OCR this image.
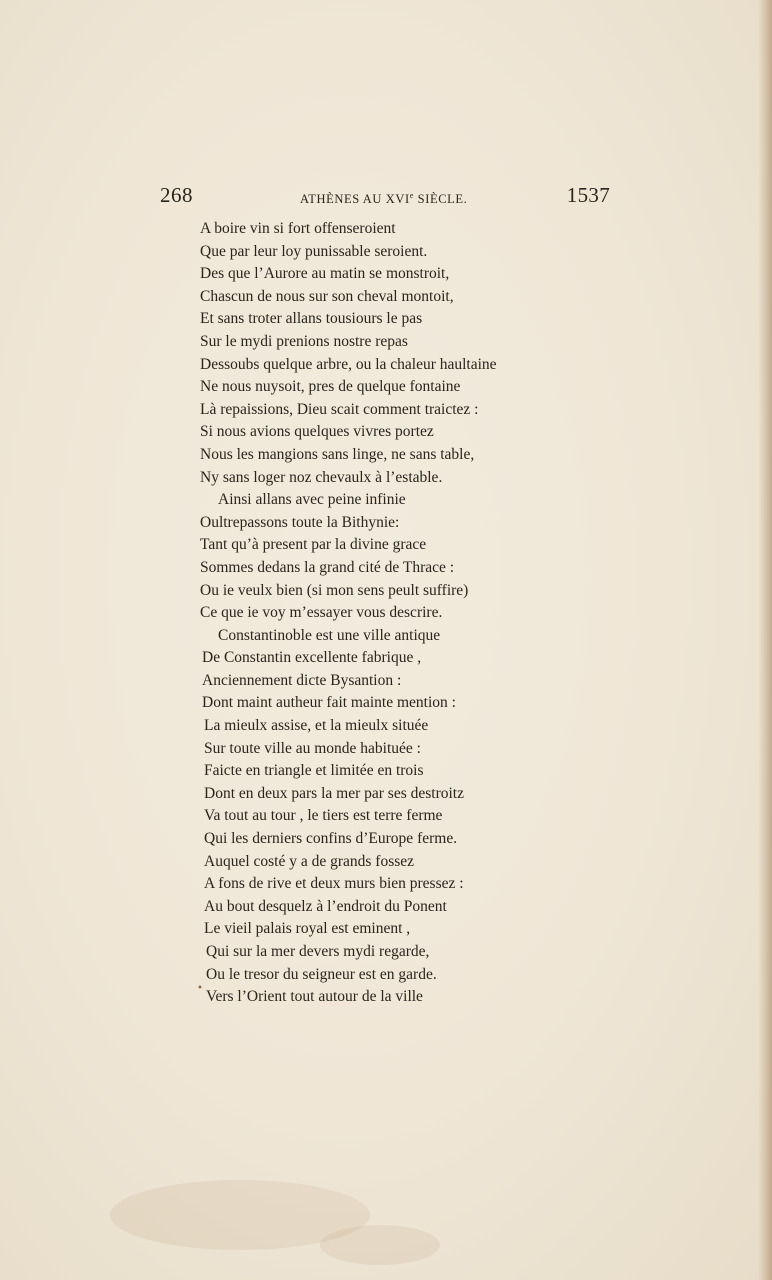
268	ATHÈNES AU XVIe SIÈCLE.	1537
•
A boire vin si fort offenseroient
Que par leur loy punissable seroient.
Des que l’Aurore au matin se monstroit,
Chascun de nous sur son cheval montoit,
Et sans troter allans tousiours le pas
Sur le mydi prenions nostre repas
Dessoubs quelque arbre, ou la chaleur haultaine
Ne nous nuysoit, pres de quelque fontaine
Là repaissions, Dieu scait comment traictez :
Si nous avions quelques vivres portez
Nous les mangions sans linge, ne sans table,
Ny sans loger noz chevaulx à l’estable.
Ainsi allans avec peine infinie
Oultrepassons toute la Bithynie:
Tant qu’à present par la divine grace
Sommes dedans la grand cité de Thrace :
Ou ie veulx bien (si mon sens peult suffire)
Ce que ie voy m’essayer vous descrire.
Constantinoble est une ville antique
De Constantin excellente fabrique ,
Anciennement dicte Bysantion :
Dont maint autheur fait mainte mention :
La mieulx assise, et la mieulx située
Sur toute ville au monde habituée :
Faicte en triangle et limitée en trois
Dont en deux pars la mer par ses destroitz
Va tout au tour , le tiers est terre ferme
Qui les derniers confins d’Europe ferme.
Auquel costé y a de grands fossez
A fons de rive et deux murs bien pressez :
Au bout desquelz à l’endroit du Ponent
Le vieil palais royal est eminent ,
Qui sur la mer devers mydi regarde,
Ou le tresor du seigneur est en garde.
Vers l’Orient tout autour de la ville
